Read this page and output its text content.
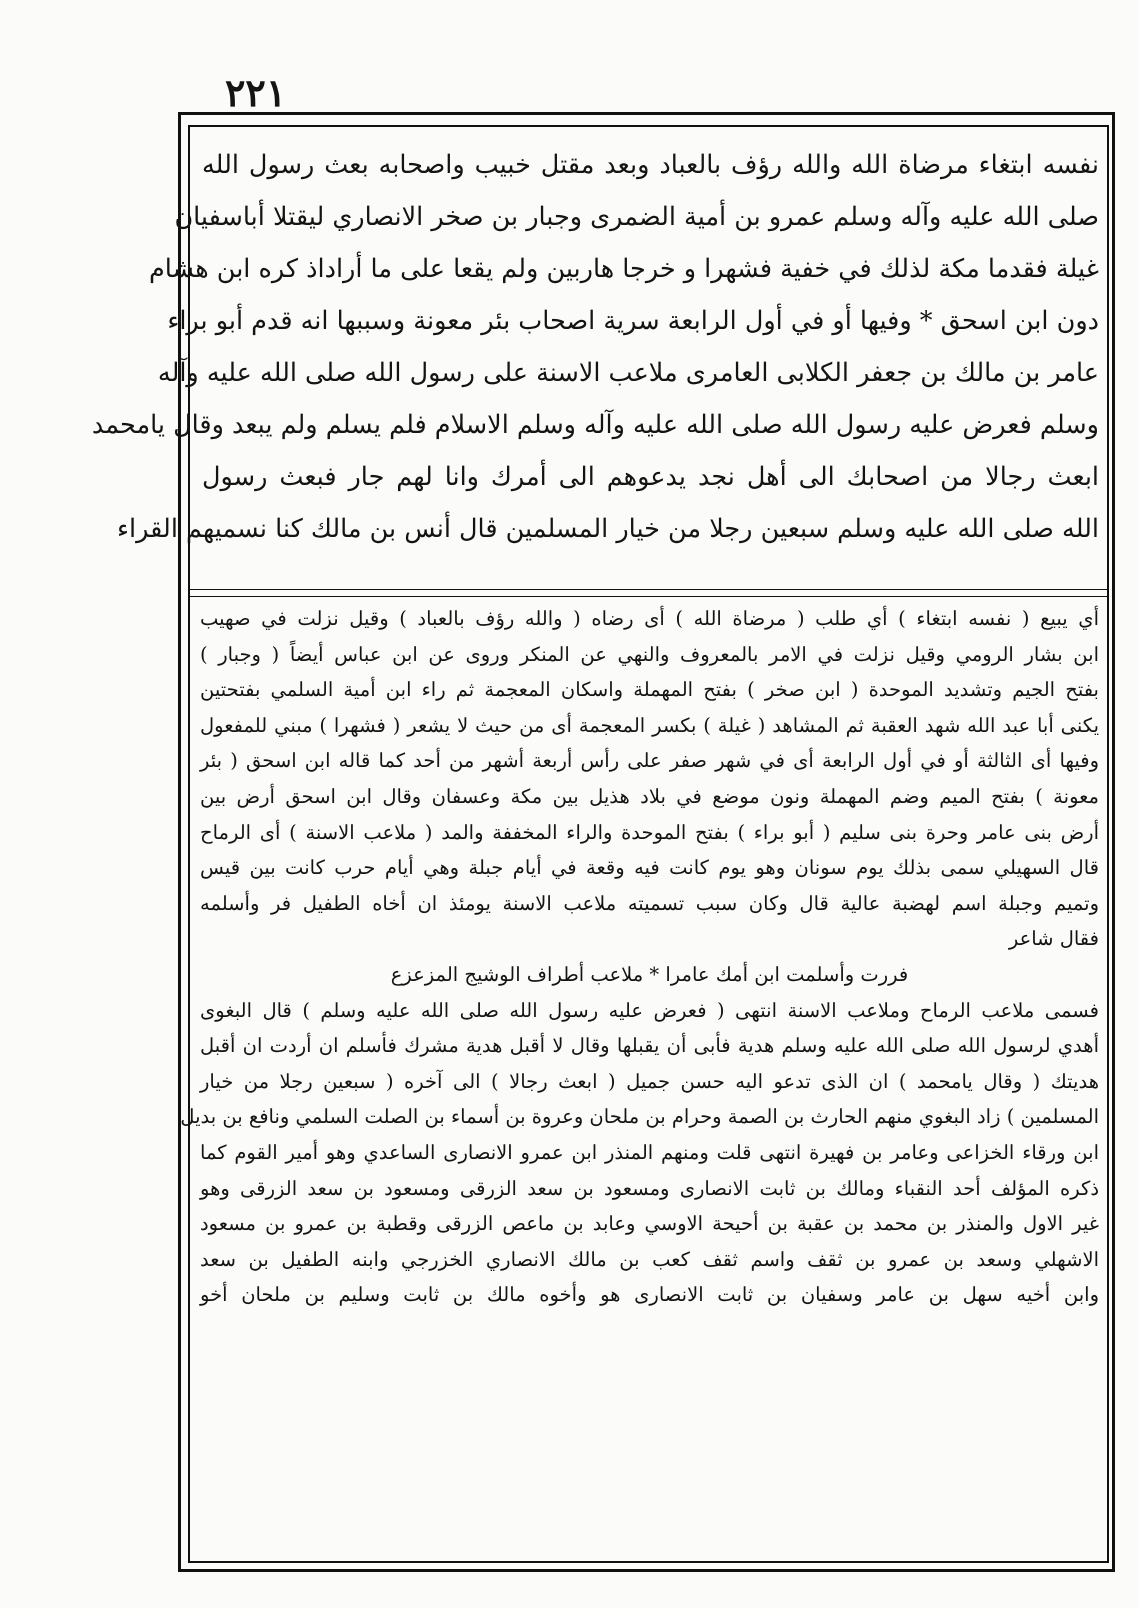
٢٢١
نفسه ابتغاء مرضاة الله والله رؤف بالعباد وبعد مقتل خبيب واصحابه بعث رسول الله
صلى الله عليه وآله وسلم عمرو بن أمية الضمرى وجبار بن صخر الانصاري ليقتلا أباسفيان
غيلة فقدما مكة لذلك في خفية فشهرا و خرجا هاربين ولم يقعا على ما أراداذ كره ابن هشام
دون ابن اسحق * وفيها أو في أول الرابعة سرية اصحاب بئر معونة وسببها انه قدم أبو براء
عامر بن مالك بن جعفر الكلابى العامرى ملاعب الاسنة على رسول الله صلى الله عليه وآله
وسلم فعرض عليه رسول الله صلى الله عليه وآله وسلم الاسلام فلم يسلم ولم يبعد وقال يامحمد
ابعث رجالا من اصحابك الى أهل نجد يدعوهم الى أمرك وانا لهم جار فبعث رسول
الله صلى الله عليه وسلم سبعين رجلا من خيار المسلمين قال أنس بن مالك كنا نسميهم القراء
أي يبيع ( نفسه ابتغاء ) أي طلب ( مرضاة الله ) أى رضاه ( والله رؤف بالعباد ) وقيل نزلت في صهيب
ابن بشار الرومي وقيل نزلت في الامر بالمعروف والنهي عن المنكر وروى عن ابن عباس أيضاً ( وجبار )
بفتح الجيم وتشديد الموحدة ( ابن صخر ) بفتح المهملة واسكان المعجمة ثم راء ابن أمية السلمي بفتحتين
يكنى أبا عبد الله شهد العقبة ثم المشاهد ( غيلة ) بكسر المعجمة أى من حيث لا يشعر ( فشهرا ) مبني للمفعول
وفيها أى الثالثة أو في أول الرابعة أى في شهر صفر على رأس أربعة أشهر من أحد كما قاله ابن اسحق ( بئر
معونة ) بفتح الميم وضم المهملة ونون موضع في بلاد هذيل بين مكة وعسفان وقال ابن اسحق أرض بين
أرض بنى عامر وحرة بنى سليم ( أبو براء ) بفتح الموحدة والراء المخففة والمد ( ملاعب الاسنة ) أى الرماح
قال السهيلي سمى بذلك يوم سونان وهو يوم كانت فيه وقعة في أيام جبلة وهي أيام حرب كانت بين قيس
وتميم وجبلة اسم لهضبة عالية قال وكان سبب تسميته ملاعب الاسنة يومئذ ان أخاه الطفيل فر وأسلمه
فقال شاعر
فررت وأسلمت ابن أمك عامرا * ملاعب أطراف الوشيج المزعزع
فسمى ملاعب الرماح وملاعب الاسنة انتهى ( فعرض عليه رسول الله صلى الله عليه وسلم ) قال البغوى
أهدي لرسول الله صلى الله عليه وسلم هدية فأبى أن يقبلها وقال لا أقبل هدية مشرك فأسلم ان أردت ان أقبل
هديتك ( وقال يامحمد ) ان الذى تدعو اليه حسن جميل ( ابعث رجالا ) الى آخره ( سبعين رجلا من خيار
المسلمين ) زاد البغوي منهم الحارث بن الصمة وحرام بن ملحان وعروة بن أسماء بن الصلت السلمي ونافع بن بديل
ابن ورقاء الخزاعى وعامر بن فهيرة انتهى قلت ومنهم المنذر ابن عمرو الانصارى الساعدي وهو أمير القوم كما
ذكره المؤلف أحد النقباء ومالك بن ثابت الانصارى ومسعود بن سعد الزرقى ومسعود بن سعد الزرقى وهو
غير الاول والمنذر بن محمد بن عقبة بن أحيحة الاوسي وعابد بن ماعص الزرقى وقطبة بن عمرو بن مسعود
الاشهلي وسعد بن عمرو بن ثقف واسم ثقف كعب بن مالك الانصاري الخزرجي وابنه الطفيل بن سعد
وابن أخيه سهل بن عامر وسفيان بن ثابت الانصارى هو وأخوه مالك بن ثابت وسليم بن ملحان أخو
